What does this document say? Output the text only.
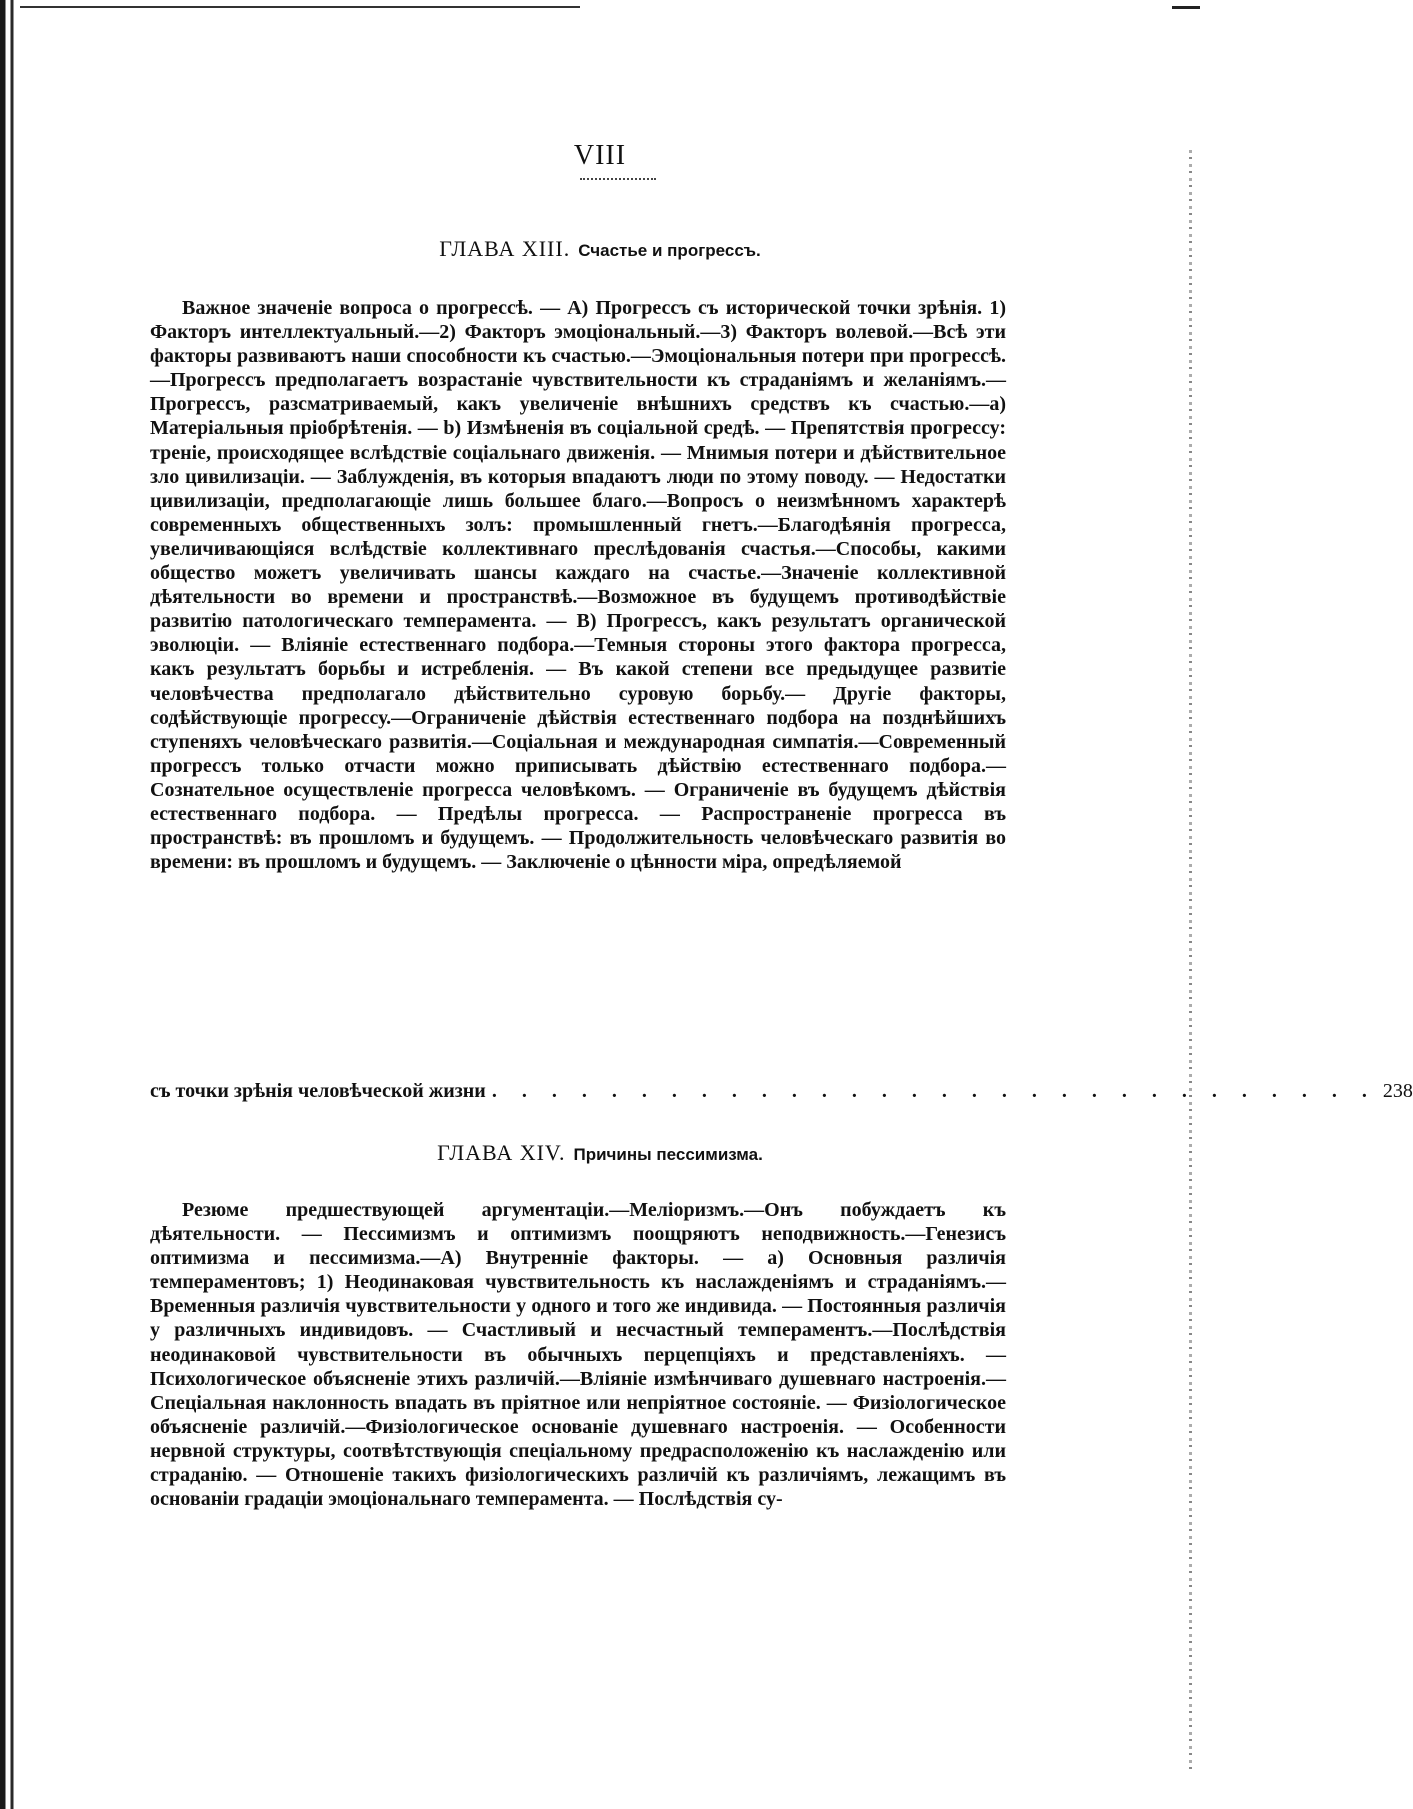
VIII
ГЛАВА XIII. Счастье и прогрессъ.
Важное значеніе вопроса о прогрессѣ. — А) Прогрессъ съ исторической точки зрѣнія. 1) Факторъ интеллектуальный.—2) Факторъ эмоціональный.—3) Факторъ волевой.—Всѣ эти факторы развиваютъ наши способности къ счастью.—Эмоціональныя потери при прогрессѣ.—Прогрессъ предполагаетъ возрастаніе чувствительности къ страданіямъ и желаніямъ.—Прогрессъ, разсматриваемый, какъ увеличеніе внѣшнихъ средствъ къ счастью.—а) Матеріальныя пріобрѣтенія. — b) Измѣненія въ соціальной средѣ. — Препятствія прогрессу: треніе, происходящее вслѣдствіе соціальнаго движенія. — Мнимыя потери и дѣйствительное зло цивилизаціи. — Заблужденія, въ которыя впадаютъ люди по этому поводу. — Недостатки цивилизаціи, предполагающіе лишь большее благо.—Вопросъ о неизмѣнномъ характерѣ современныхъ общественныхъ золъ: промышленный гнетъ.—Благодѣянія прогресса, увеличивающіяся вслѣдствіе коллективнаго преслѣдованія счастья.—Способы, какими общество можетъ увеличивать шансы каждаго на счастье.—Значеніе коллективной дѣятельности во времени и пространствѣ.—Возможное въ будущемъ противодѣйствіе развитію патологическаго темперамента. — В) Прогрессъ, какъ результатъ органической эволюціи. — Вліяніе естественнаго подбора.—Темныя стороны этого фактора прогресса, какъ результатъ борьбы и истребленія. — Въ какой степени все предыдущее развитіе человѣчества предполагало дѣйствительно суровую борьбу.— Другіе факторы, содѣйствующіе прогрессу.—Ограниченіе дѣйствія естественнаго подбора на позднѣйшихъ ступеняхъ человѣческаго развитія.—Соціальная и международная симпатія.—Современный прогрессъ только отчасти можно приписывать дѣйствію естественнаго подбора.— Сознательное осуществленіе прогресса человѣкомъ. — Ограниченіе въ будущемъ дѣйствія естественнаго подбора. — Предѣлы прогресса. — Распространеніе прогресса въ пространствѣ: въ прошломъ и будущемъ. — Продолжительность человѣческаго развитія во времени: въ прошломъ и будущемъ. — Заключеніе о цѣнности міра, опредѣляемой
съ точки зрѣнія человѣческой жизни . . . . . . . . . . . . . . . . . . . . . . . . . . . . . . 238
ГЛАВА XIV. Причины пессимизма.
Резюме предшествующей аргументаціи.—Меліоризмъ.—Онъ побуждаетъ къ дѣятельности. — Пессимизмъ и оптимизмъ поощряютъ неподвижность.—Генезисъ оптимизма и пессимизма.—А) Внутренніе факторы. — а) Основныя различія темпераментовъ; 1) Неодинаковая чувствительность къ наслажденіямъ и страданіямъ.—Временныя различія чувствительности у одного и того же индивида. — Постоянныя различія у различныхъ индивидовъ. — Счастливый и несчастный темпераментъ.—Послѣдствія неодинаковой чувствительности въ обычныхъ перцепціяхъ и представленіяхъ. — Психологическое объясненіе этихъ различій.—Вліяніе измѣнчиваго душевнаго настроенія.—Спеціальная наклонность впадать въ пріятное или непріятное состояніе. — Физіологическое объясненіе различій.—Физіологическое основаніе душевнаго настроенія. — Особенности нервной структуры, соотвѣтствующія спеціальному предрасположенію къ наслажденію или страданію. — Отношеніе такихъ физіологическихъ различій къ различіямъ, лежащимъ въ основаніи градаціи эмоціональнаго темперамента. — Послѣдствія су-
